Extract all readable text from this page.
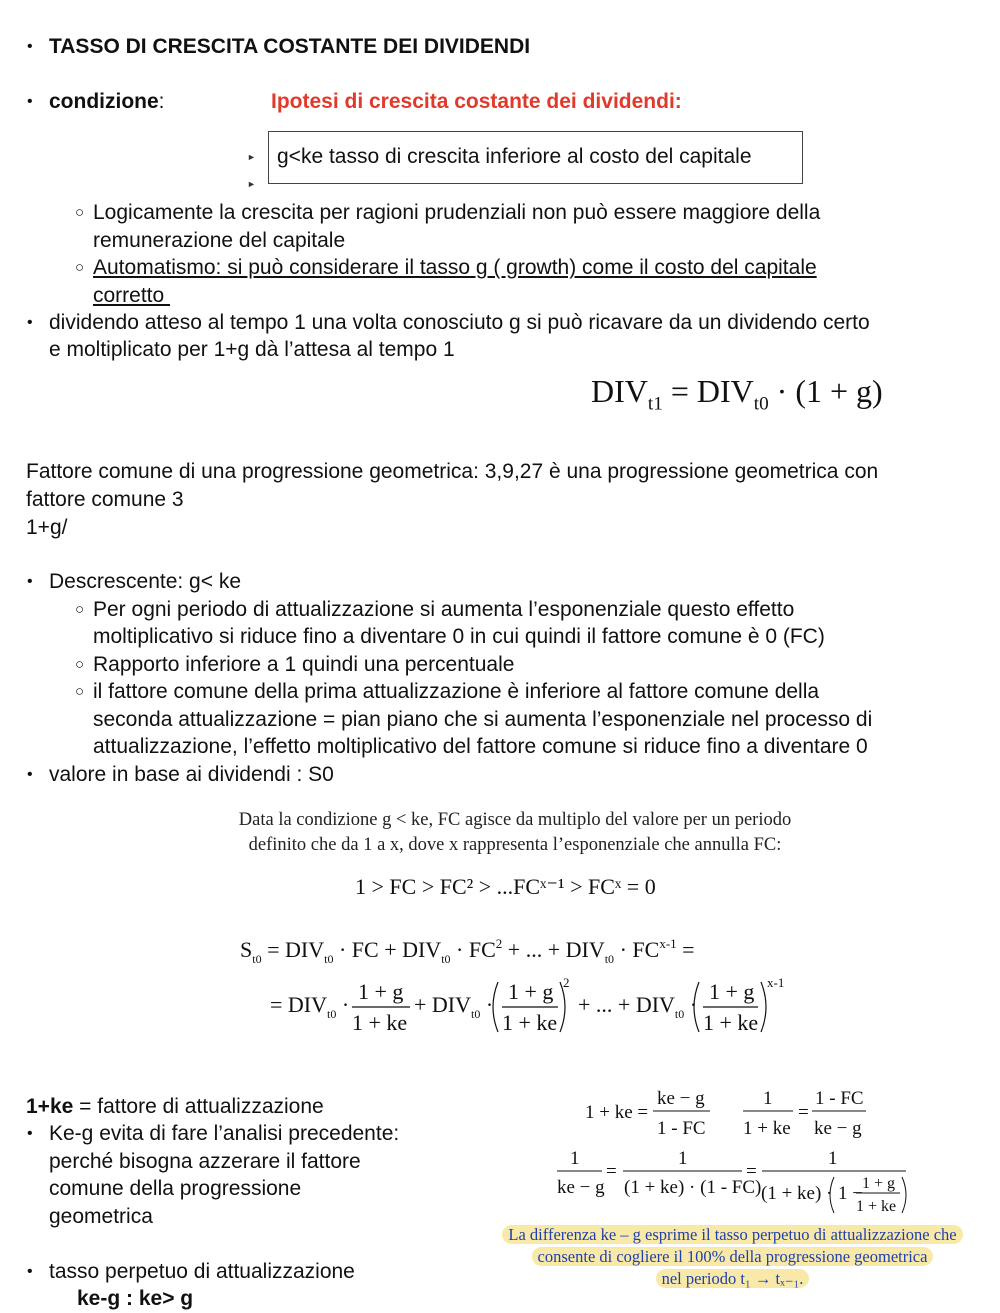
• TASSO DI CRESCITA COSTANTE DEI DIVIDENDI
• condizione:	Ipotesi di crescita costante dei dividendi:
►
►
g<ke tasso di crescita inferiore al costo del capitale
○ Logicamente la crescita per ragioni prudenziali non può essere maggiore della
remunerazione del capitale
○ Automatismo: si può considerare il tasso g ( growth) come il costo del capitale
corretto
• dividendo atteso al tempo 1 una volta conosciuto g si può ricavare da un dividendo certo
e moltiplicato per 1+g dà l’attesa al tempo 1
$DIV_{t1} = DIV_{t0} \cdot (1 + g)$
Fattore comune di una progressione geometrica: 3,9,27 è una progressione geometrica con
fattore comune 3
1+g/
• Descrescente: g< ke
○ Per ogni periodo di attualizzazione si aumenta l’esponenziale questo effetto
moltiplicativo si riduce fino a diventare 0 in cui quindi il fattore comune è 0 (FC)
○ Rapporto inferiore a 1 quindi una percentuale
○ il fattore comune della prima attualizzazione è inferiore al fattore comune della
seconda attualizzazione = pian piano che si aumenta l’esponenziale nel processo di
attualizzazione, l’effetto moltiplicativo del fattore comune si riduce fino a diventare 0
• valore in base ai dividendi : S0
Data la condizione g < ke, FC agisce da multiplo del valore per un periodo
definito che da 1 a x, dove x rappresenta l’esponenziale che annulla FC:
1 > FC > FC² > ...FCˣ⁻¹ > FCˣ = 0
$S_{t0} = DIV_{t0}$ · FC + $DIV_{t0} \cdot FC^2$ + ... + $DIV_{t0} \cdot FC^{x-1}$ =
= $DIV_{t0}$ ·
1 + g
1 + ke
+ $DIV_{t0}$ ·
1 + g
1 + ke
2
+ ... + $DIV_{t0}$ ·
1 + g
1 + ke
x-1
1+ke = fattore di attualizzazione
• Ke-g evita di fare l’analisi precedente:
perché bisogna azzerare il fattore
comune della progressione
geometrica
• tasso perpetuo di attualizzazione
ke-g : ke> g
1 + ke =
ke − g
1 - FC
1
1 + ke
=
1 - FC
ke − g
1
ke − g
=
1
(1 + ke) · (1 - FC)
=
1
(1 + ke) · 1 − 1 + g
1 + ke
La differenza ke – g esprime il tasso perpetuo di attualizzazione che
consente di cogliere il 100% della progressione geometrica
nel periodo t₁ → tₓ₋₁.
